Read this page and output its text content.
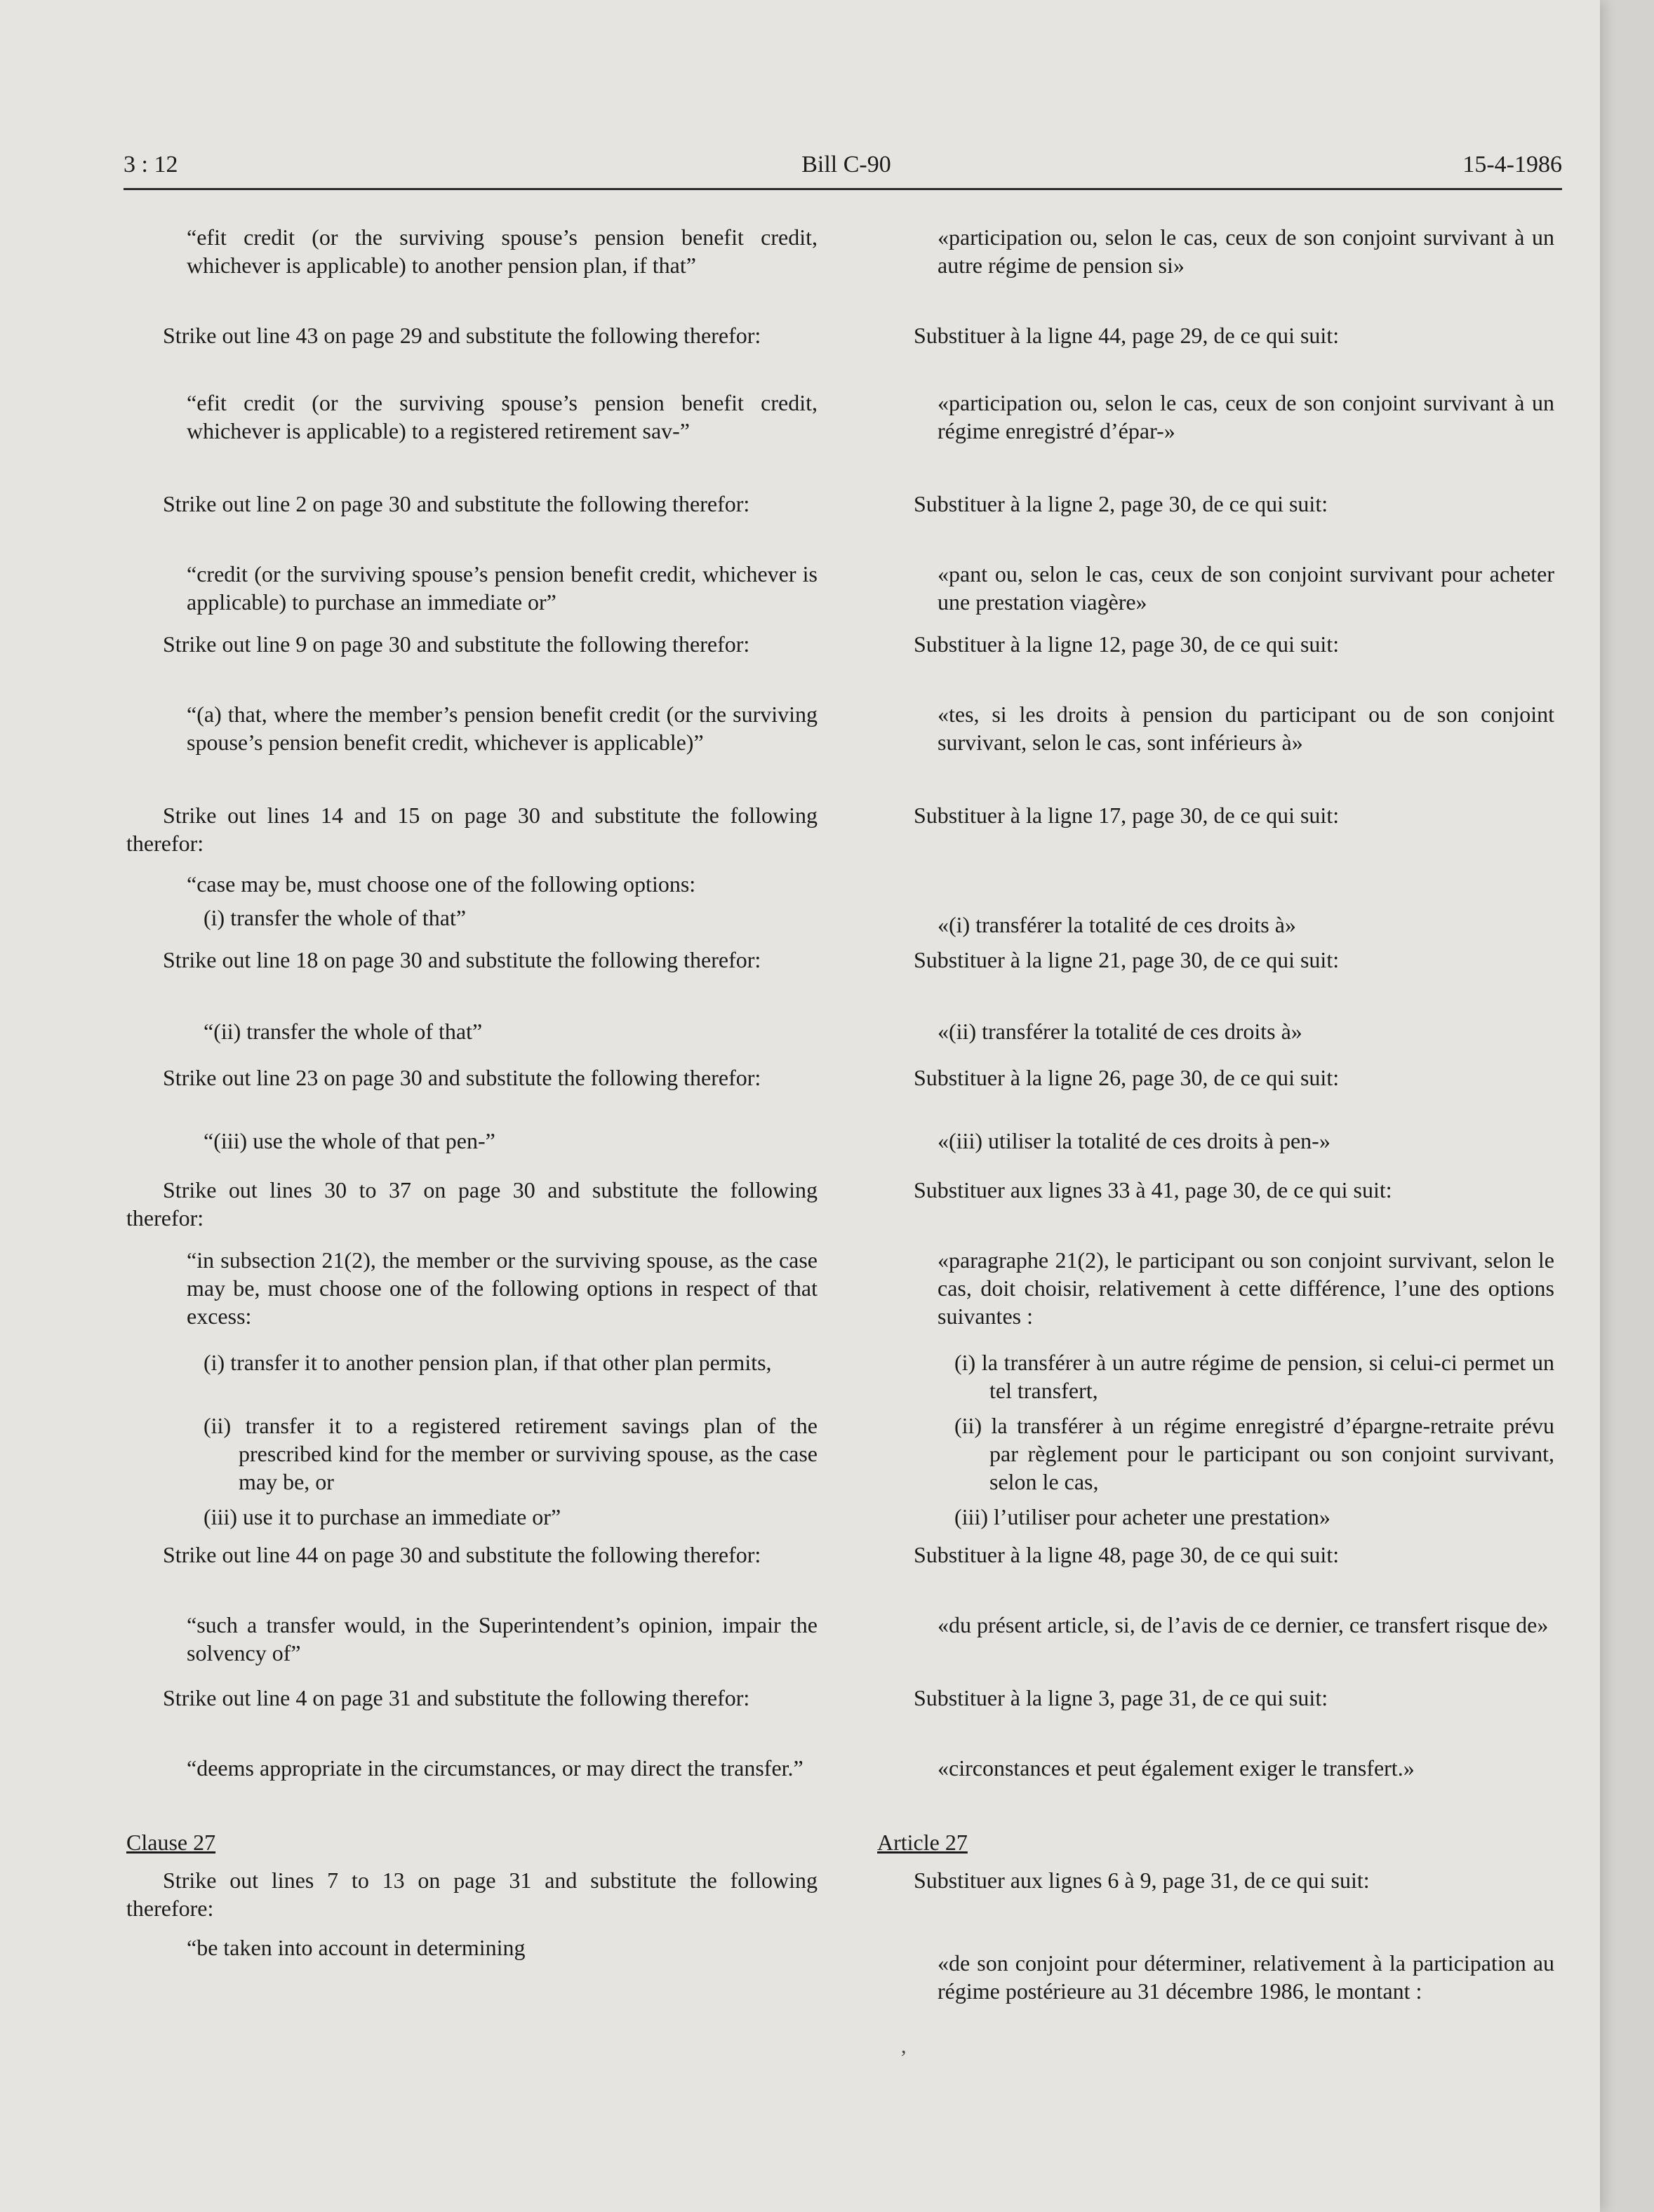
3 : 12	Bill C-90	15-4-1986

“efit credit (or the surviving spouse’s pension benefit credit, whichever is applicable) to another pension plan, if that”

Strike out line 43 on page 29 and substitute the following therefor:

“efit credit (or the surviving spouse’s pension benefit credit, whichever is applicable) to a registered retirement sav-”

Strike out line 2 on page 30 and substitute the following therefor:

“credit (or the surviving spouse’s pension benefit credit, whichever is applicable) to purchase an immediate or”

Strike out line 9 on page 30 and substitute the following therefor:

“(a) that, where the member’s pension benefit credit (or the surviving spouse’s pension benefit credit, whichever is applicable)”

Strike out lines 14 and 15 on page 30 and substitute the following therefor:

“case may be, must choose one of the following options:

(i) transfer the whole of that”

Strike out line 18 on page 30 and substitute the following therefor:

“(ii) transfer the whole of that”

Strike out line 23 on page 30 and substitute the following therefor:

“(iii) use the whole of that pen-”

Strike out lines 30 to 37 on page 30 and substitute the following therefor:

“in subsection 21(2), the member or the surviving spouse, as the case may be, must choose one of the following options in respect of that excess:

(i) transfer it to another pension plan, if that other plan permits,

(ii) transfer it to a registered retirement savings plan of the prescribed kind for the member or surviving spouse, as the case may be, or

(iii) use it to purchase an immediate or”

Strike out line 44 on page 30 and substitute the following therefor:

“such a transfer would, in the Superintendent’s opinion, impair the solvency of”

Strike out line 4 on page 31 and substitute the following therefor:

“deems appropriate in the circumstances, or may direct the transfer.”

Clause 27

Strike out lines 7 to 13 on page 31 and substitute the following therefore:

“be taken into account in determining

«participation ou, selon le cas, ceux de son conjoint survivant à un autre régime de pension si»

Substituer à la ligne 44, page 29, de ce qui suit:

«participation ou, selon le cas, ceux de son conjoint survivant à un régime enregistré d’épar-»

Substituer à la ligne 2, page 30, de ce qui suit:

«pant ou, selon le cas, ceux de son conjoint survivant pour acheter une prestation viagère»

Substituer à la ligne 12, page 30, de ce qui suit:

«tes, si les droits à pension du participant ou de son conjoint survivant, selon le cas, sont inférieurs à»

Substituer à la ligne 17, page 30, de ce qui suit:

«(i) transférer la totalité de ces droits à»

Substituer à la ligne 21, page 30, de ce qui suit:

«(ii) transférer la totalité de ces droits à»

Substituer à la ligne 26, page 30, de ce qui suit:

«(iii) utiliser la totalité de ces droits à pen-»

Substituer aux lignes 33 à 41, page 30, de ce qui suit:

«paragraphe 21(2), le participant ou son conjoint survivant, selon le cas, doit choisir, relativement à cette différence, l’une des options suivantes :

(i) la transférer à un autre régime de pension, si celui-ci permet un tel transfert,

(ii) la transférer à un régime enregistré d’épargne-retraite prévu par règlement pour le participant ou son conjoint survivant, selon le cas,

(iii) l’utiliser pour acheter une prestation»

Substituer à la ligne 48, page 30, de ce qui suit:

«du présent article, si, de l’avis de ce dernier, ce transfert risque de»

Substituer à la ligne 3, page 31, de ce qui suit:

«circonstances et peut également exiger le transfert.»

Article 27

Substituer aux lignes 6 à 9, page 31, de ce qui suit:

«de son conjoint pour déterminer, relativement à la participation au régime postérieure au 31 décembre 1986, le montant :

,
